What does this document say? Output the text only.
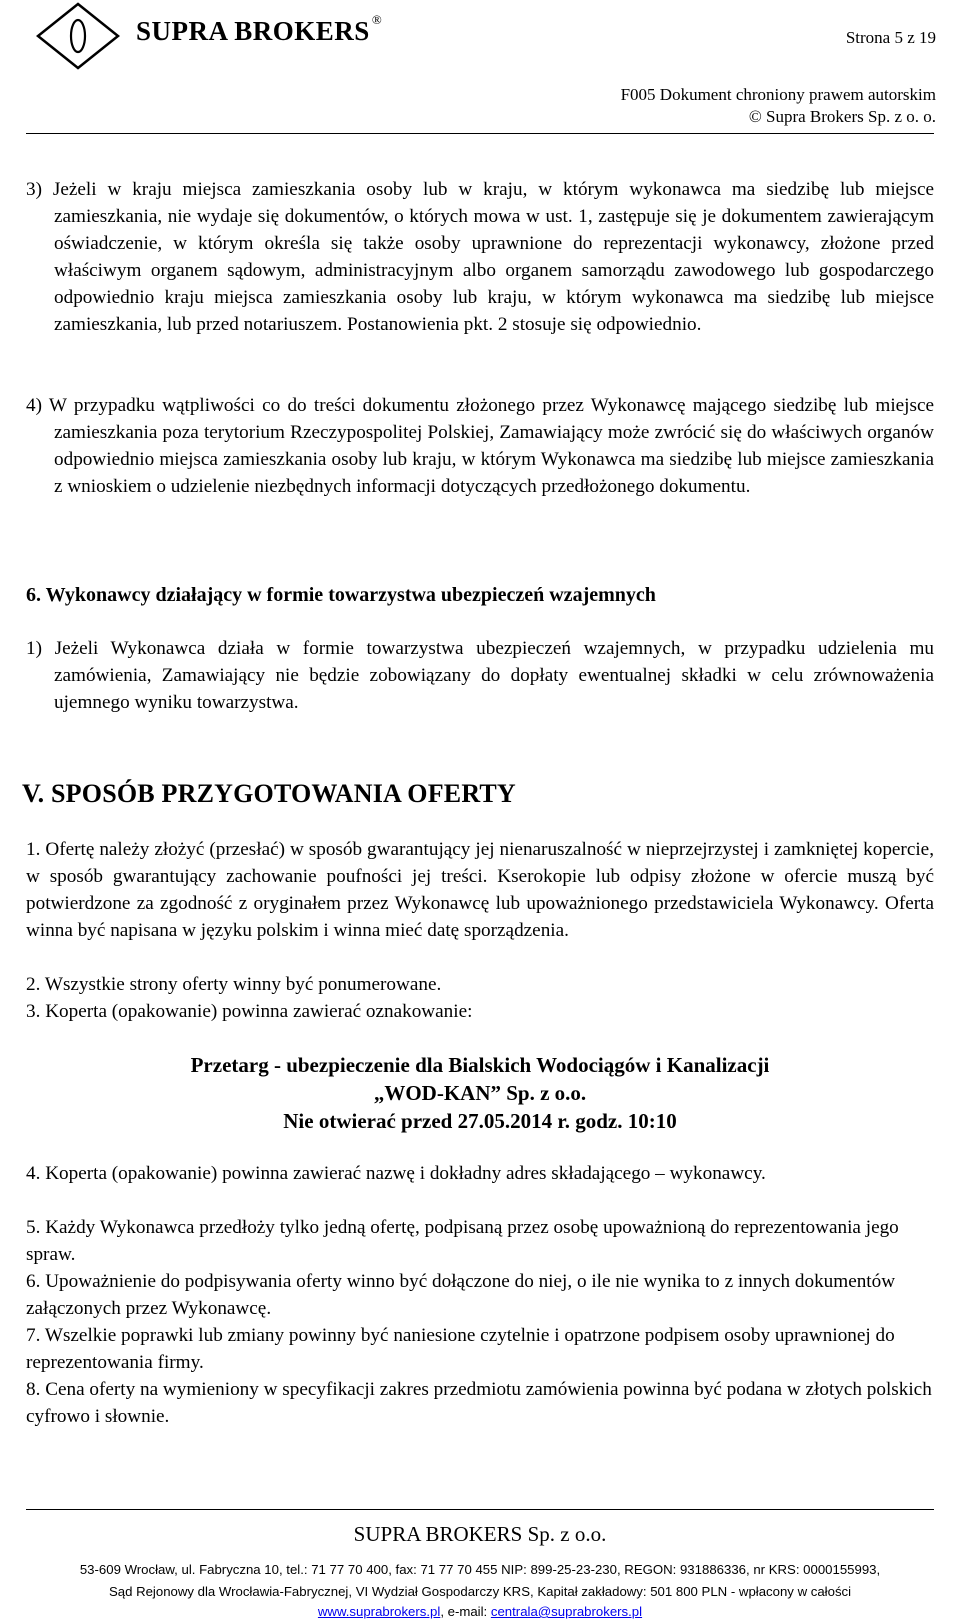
SUPRA BROKERS ®
Strona 5 z 19
F005 Dokument chroniony prawem autorskim
© Supra Brokers Sp. z o. o.
3) Jeżeli w kraju miejsca zamieszkania osoby lub w kraju, w którym wykonawca ma siedzibę lub miejsce zamieszkania, nie wydaje się dokumentów, o których mowa w ust. 1, zastępuje się je dokumentem zawierającym oświadczenie, w którym określa się także osoby uprawnione do reprezentacji wykonawcy, złożone przed właściwym organem sądowym, administracyjnym albo organem samorządu zawodowego lub gospodarczego odpowiednio kraju miejsca zamieszkania osoby lub kraju, w którym wykonawca ma siedzibę lub miejsce zamieszkania, lub przed notariuszem. Postanowienia pkt. 2 stosuje się odpowiednio.
4) W przypadku wątpliwości co do treści dokumentu złożonego przez Wykonawcę mającego siedzibę lub miejsce zamieszkania poza terytorium Rzeczypospolitej Polskiej, Zamawiający może zwrócić się do właściwych organów odpowiednio miejsca zamieszkania osoby lub kraju, w którym Wykonawca ma siedzibę lub miejsce zamieszkania z wnioskiem o udzielenie niezbędnych informacji dotyczących przedłożonego dokumentu.
6. Wykonawcy działający w formie towarzystwa ubezpieczeń wzajemnych
1) Jeżeli Wykonawca działa w formie towarzystwa ubezpieczeń wzajemnych, w przypadku udzielenia mu zamówienia, Zamawiający nie będzie zobowiązany do dopłaty ewentualnej składki w celu zrównoważenia ujemnego wyniku towarzystwa.
V. SPOSÓB PRZYGOTOWANIA OFERTY
1. Ofertę należy złożyć (przesłać) w sposób gwarantujący jej nienaruszalność w nieprzejrzystej i zamkniętej kopercie, w sposób gwarantujący zachowanie poufności jej treści. Kserokopie lub odpisy złożone w ofercie muszą być potwierdzone za zgodność z oryginałem przez Wykonawcę lub upoważnionego przedstawiciela Wykonawcy. Oferta winna być napisana w języku polskim i winna mieć datę sporządzenia.
2. Wszystkie strony oferty winny być ponumerowane.
3. Koperta (opakowanie) powinna zawierać oznakowanie:
Przetarg - ubezpieczenie dla Bialskich Wodociągów i Kanalizacji
„WOD-KAN” Sp. z o.o.
Nie otwierać przed 27.05.2014 r. godz. 10:10
4. Koperta (opakowanie) powinna zawierać nazwę i dokładny adres składającego – wykonawcy.
5. Każdy Wykonawca przedłoży tylko jedną ofertę, podpisaną przez osobę upoważnioną do reprezentowania jego spraw.
6. Upoważnienie do podpisywania oferty winno być dołączone do niej, o ile nie wynika to z innych dokumentów załączonych przez Wykonawcę.
7. Wszelkie poprawki lub zmiany powinny być naniesione czytelnie i opatrzone podpisem osoby uprawnionej do reprezentowania firmy.
8. Cena oferty na wymieniony w specyfikacji zakres przedmiotu zamówienia powinna być podana w złotych polskich cyfrowo i słownie.
SUPRA BROKERS Sp. z o.o.
53-609 Wrocław, ul. Fabryczna 10, tel.: 71 77 70 400, fax: 71 77 70 455 NIP: 899-25-23-230, REGON: 931886336, nr KRS: 0000155993,
Sąd Rejonowy dla Wrocławia-Fabrycznej, VI Wydział Gospodarczy KRS, Kapitał zakładowy: 501 800 PLN - wpłacony w całości
www.suprabrokers.pl, e-mail: centrala@suprabrokers.pl
